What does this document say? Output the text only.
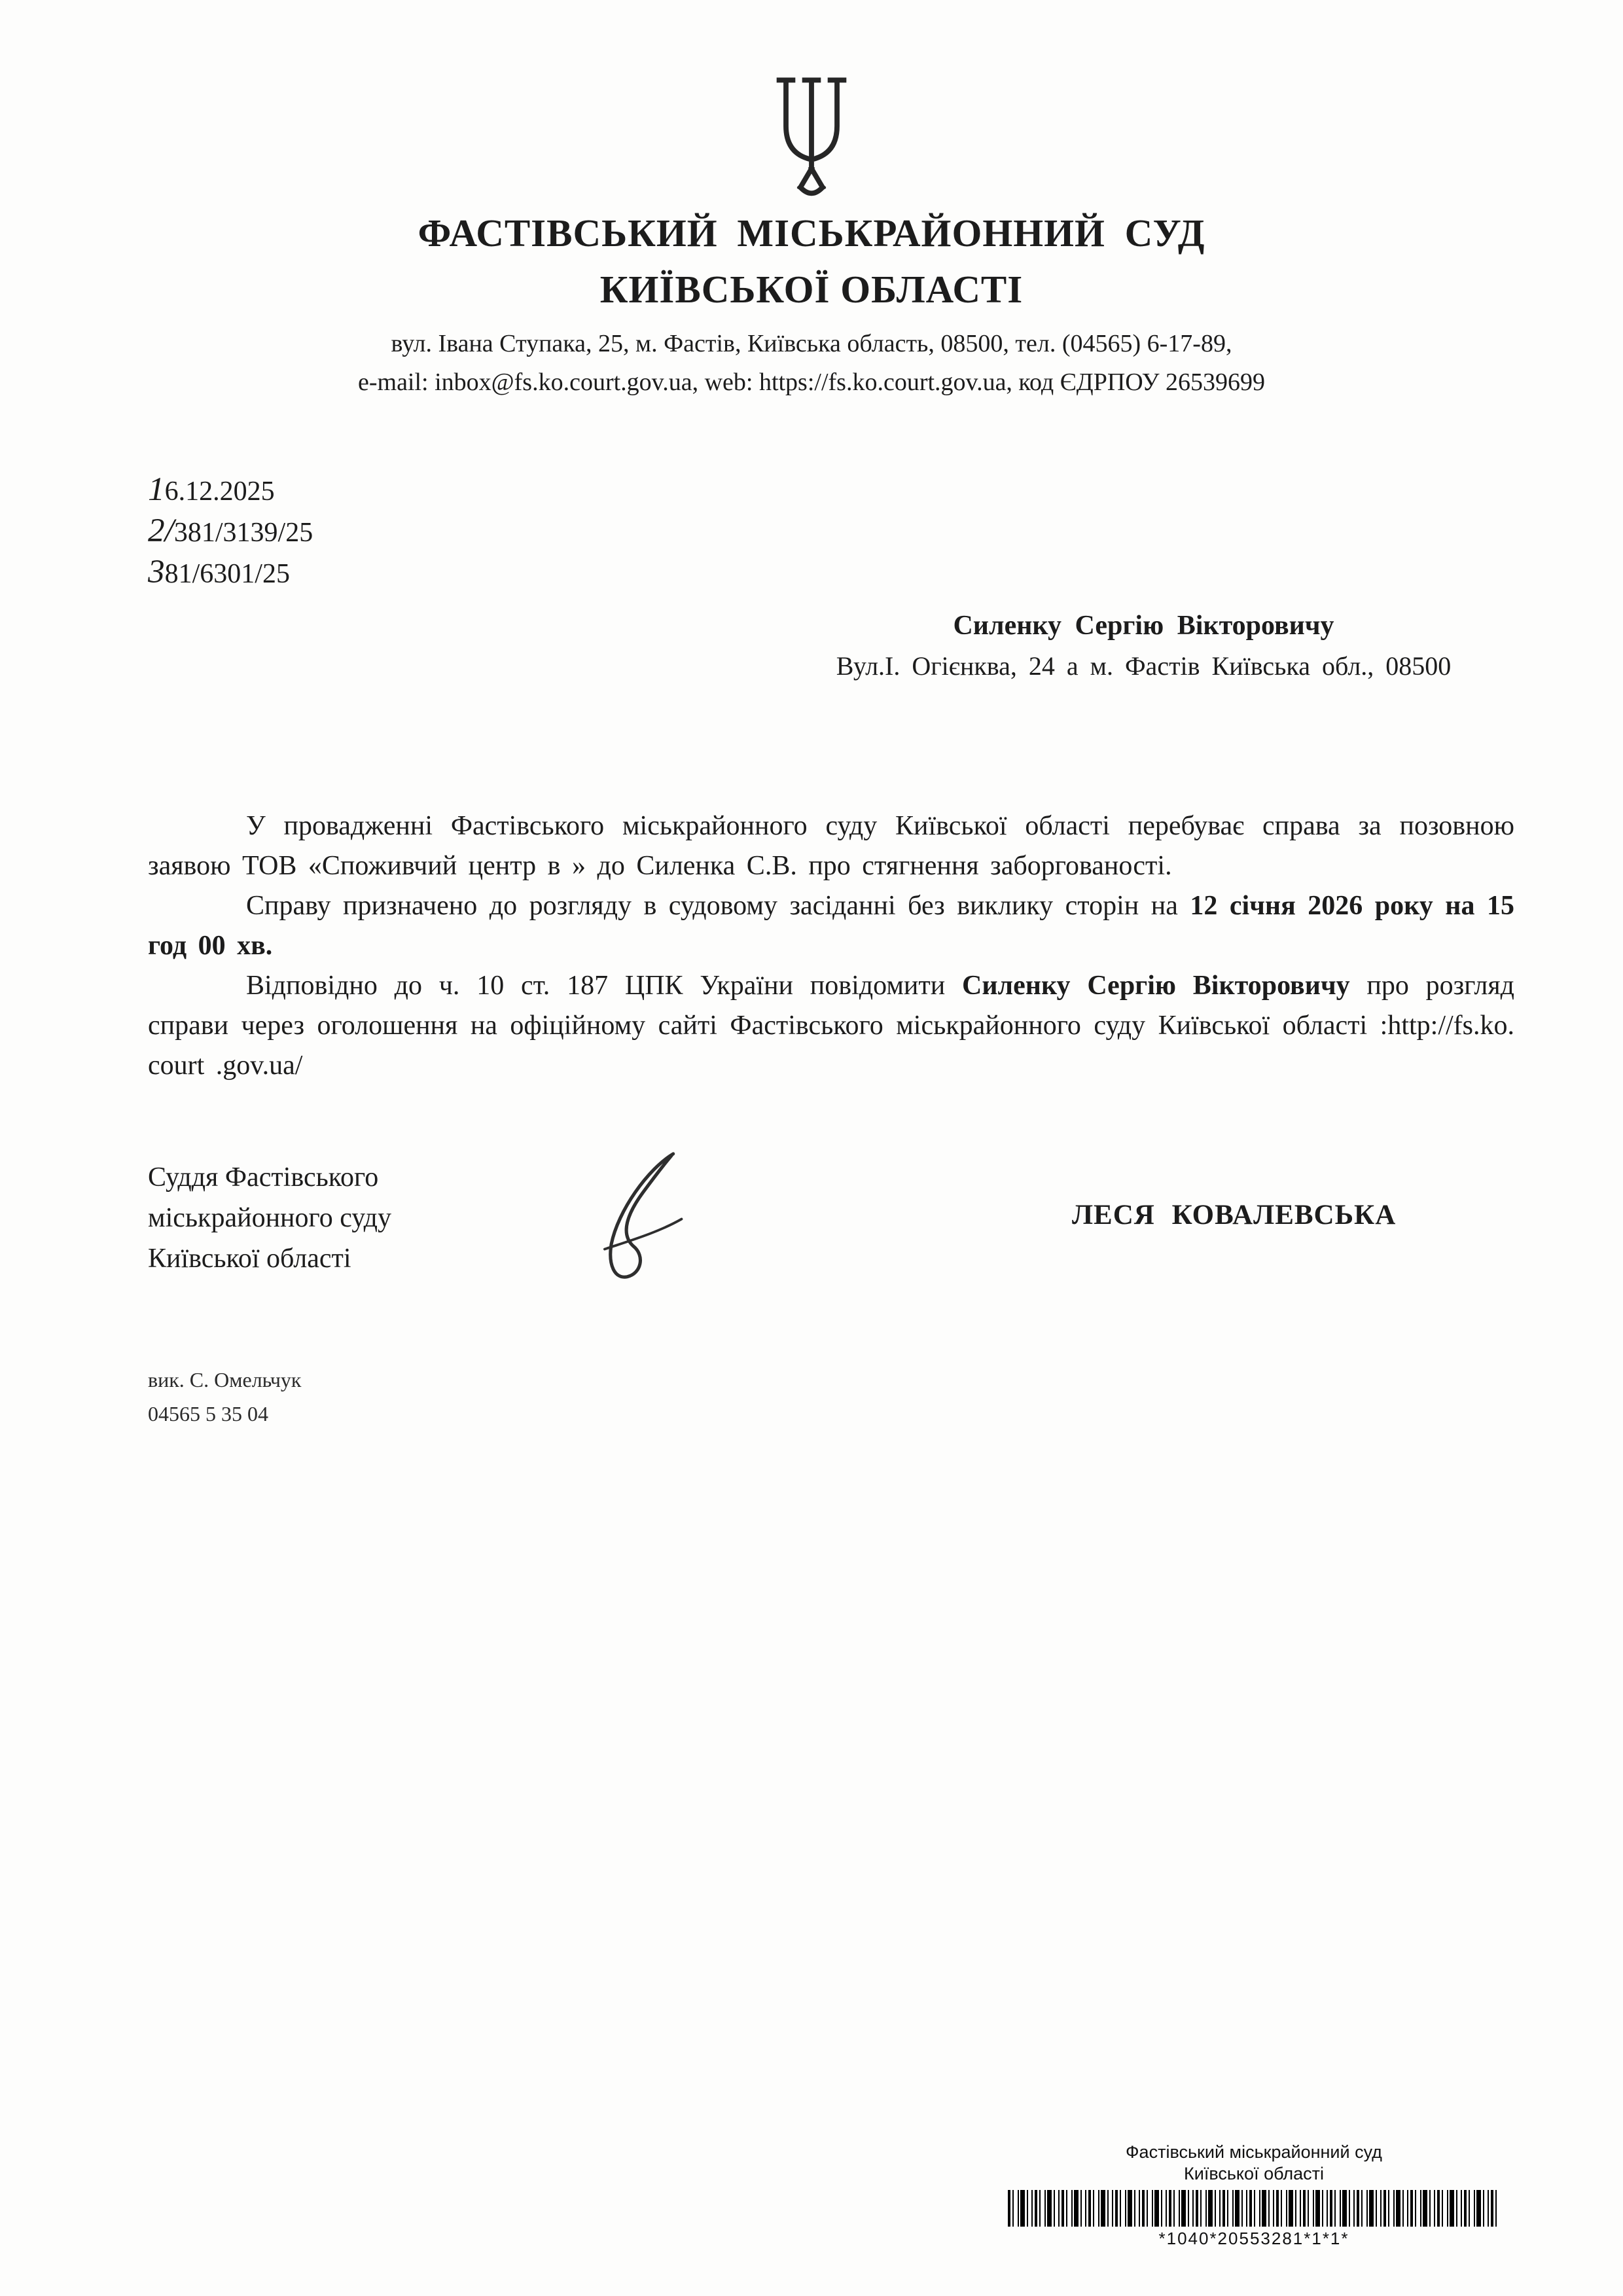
ФАСТІВСЬКИЙ МІСЬКРАЙОННИЙ СУД
КИЇВСЬКОЇ ОБЛАСТІ
вул. Івана Ступака, 25, м. Фастів, Київська область, 08500, тел. (04565) 6-17-89,
e-mail: inbox@fs.ko.court.gov.ua, web: https://fs.ko.court.gov.ua, код ЄДРПОУ 26539699
16.12.2025
2/381/3139/25
381/6301/25
Силенку Сергію Вікторовичу
Вул.І. Огієнква, 24 а м. Фастів Київська обл., 08500

У провадженні Фастівського міськрайонного суду Київської області перебуває справа за позовною заявою ТОВ «Споживчий центр в » до Силенка С.В. про стягнення заборгованості.

Справу призначено до розгляду в судовому засіданні без виклику сторін на 12 січня 2026 року на 15 год 00 хв.

Відповідно до ч. 10 ст. 187 ЦПК України повідомити Силенку Сергію Вікторовичу про розгляд справи через оголошення на офіційному сайті Фастівського міськрайонного суду Київської області :http://fs.ko. court .gov.ua/

Суддя Фастівського
міськрайонного суду
Київської області
ЛЕСЯ КОВАЛЕВСЬКА
вик. С. Омельчук
04565 5 35 04
Фастівський міськрайонний суд
Київської області
*1040*20553281*1*1*
